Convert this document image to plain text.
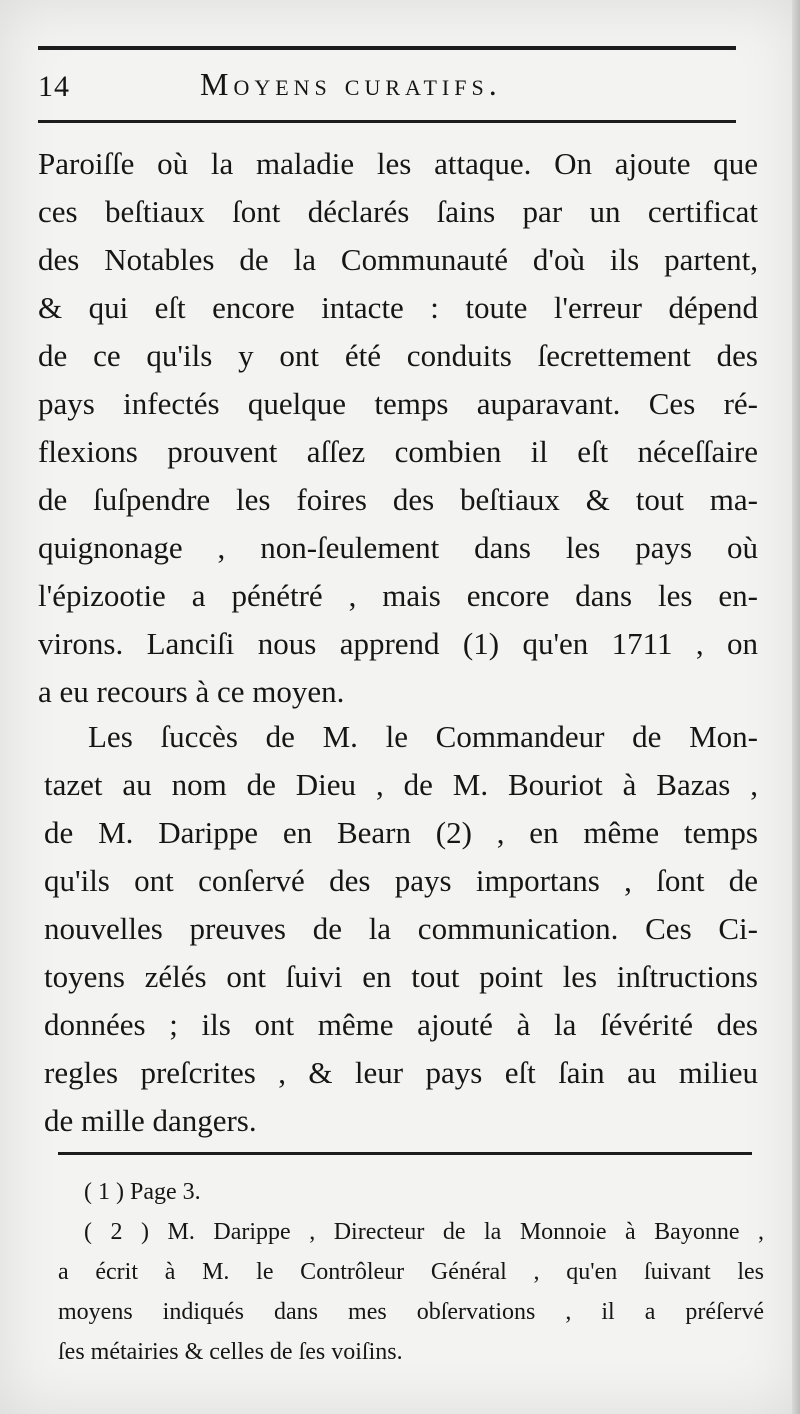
14	Moyens curatifs.
Paroiſſe où la maladie les attaque. On ajoute que
ces beſtiaux ſont déclarés ſains par un certificat
des Notables de la Communauté d'où ils partent,
& qui eſt encore intacte : toute l'erreur dépend
de ce qu'ils y ont été conduits ſecrettement des
pays infectés quelque temps auparavant. Ces ré-
flexions prouvent aſſez combien il eſt néceſſaire
de ſuſpendre les foires des beſtiaux & tout ma-
quignonage , non-ſeulement dans les pays où
l'épizootie a pénétré , mais encore dans les en-
virons. Lanciſi nous apprend (1) qu'en 1711 , on
a eu recours à ce moyen.
Les ſuccès de M. le Commandeur de Mon-
tazet au nom de Dieu , de M. Bouriot à Bazas ,
de M. Darippe en Bearn (2) , en même temps
qu'ils ont conſervé des pays importans , ſont de
nouvelles preuves de la communication. Ces Ci-
toyens zélés ont ſuivi en tout point les inſtructions
données ; ils ont même ajouté à la ſévérité des
regles preſcrites , & leur pays eſt ſain au milieu
de mille dangers.
( 1 ) Page 3.
( 2 ) M. Darippe , Directeur de la Monnoie à Bayonne ,
a écrit à M. le Contrôleur Général , qu'en ſuivant les
moyens indiqués dans mes obſervations , il a préſervé
ſes métairies & celles de ſes voiſins.
